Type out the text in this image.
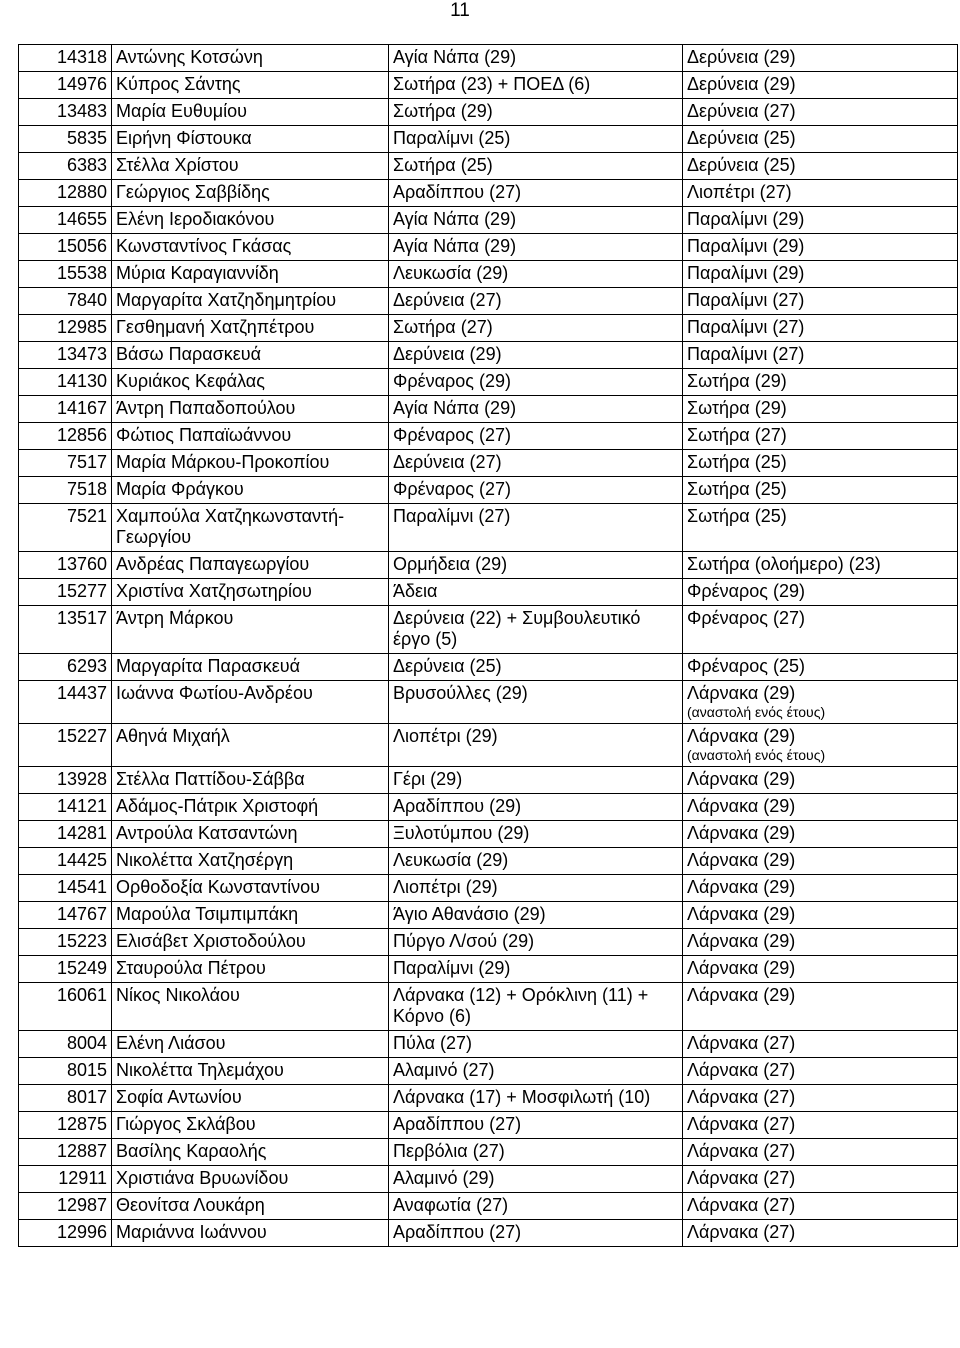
11
14318	Αντώνης Κοτσώνη	Αγία Νάπα (29)	Δερύνεια (29)
14976	Κύπρος Σάντης	Σωτήρα (23) + ΠΟΕΔ (6)	Δερύνεια (29)
13483	Μαρία Ευθυμίου	Σωτήρα (29)	Δερύνεια (27)
5835	Ειρήνη Φίστουκα	Παραλίμνι (25)	Δερύνεια (25)
6383	Στέλλα Χρίστου	Σωτήρα (25)	Δερύνεια (25)
12880	Γεώργιος Σαββίδης	Αραδίππου (27)	Λιοπέτρι (27)
14655	Ελένη Ιεροδιακόνου	Αγία Νάπα (29)	Παραλίμνι (29)
15056	Κωνσταντίνος Γκάσας	Αγία Νάπα (29)	Παραλίμνι (29)
15538	Μύρια Καραγιαννίδη	Λευκωσία (29)	Παραλίμνι (29)
7840	Μαργαρίτα Χατζηδημητρίου	Δερύνεια (27)	Παραλίμνι (27)
12985	Γεσθημανή Χατζηπέτρου	Σωτήρα (27)	Παραλίμνι (27)
13473	Βάσω Παρασκευά	Δερύνεια (29)	Παραλίμνι (27)
14130	Κυριάκος Κεφάλας	Φρέναρος (29)	Σωτήρα (29)
14167	Άντρη Παπαδοπούλου	Αγία Νάπα (29)	Σωτήρα (29)
12856	Φώτιος Παπαϊωάννου	Φρέναρος (27)	Σωτήρα (27)
7517	Μαρία Μάρκου-Προκοπίου	Δερύνεια (27)	Σωτήρα (25)
7518	Μαρία Φράγκου	Φρέναρος (27)	Σωτήρα (25)
7521	Χαμπούλα Χατζηκωνσταντή-Γεωργίου	Παραλίμνι (27)	Σωτήρα (25)
13760	Ανδρέας Παπαγεωργίου	Ορμήδεια (29)	Σωτήρα (ολοήμερο) (23)
15277	Χριστίνα Χατζησωτηρίου	Άδεια	Φρέναρος (29)
13517	Άντρη Μάρκου	Δερύνεια (22) + Συμβουλευτικό έργο (5)	Φρέναρος (27)
6293	Μαργαρίτα Παρασκευά	Δερύνεια (25)	Φρέναρος (25)
14437	Ιωάννα Φωτίου-Ανδρέου	Βρυσούλλες (29)	Λάρνακα (29)
(αναστολή ενός έτους)

15227	Αθηνά Μιχαήλ	Λιοπέτρι (29)	Λάρνακα (29)
(αναστολή ενός έτους)

13928	Στέλλα Παττίδου-Σάββα	Γέρι (29)	Λάρνακα (29)
14121	Αδάμος-Πάτρικ Χριστοφή	Αραδίππου (29)	Λάρνακα (29)
14281	Αντρούλα Κατσαντώνη	Ξυλοτύμπου (29)	Λάρνακα (29)
14425	Νικολέττα Χατζησέργη	Λευκωσία (29)	Λάρνακα (29)
14541	Ορθοδοξία Κωνσταντίνου	Λιοπέτρι (29)	Λάρνακα (29)
14767	Μαρούλα Τσιμπιμπάκη	Άγιο Αθανάσιο (29)	Λάρνακα (29)
15223	Ελισάβετ Χριστοδούλου	Πύργο Λ/σού (29)	Λάρνακα (29)
15249	Σταυρούλα Πέτρου	Παραλίμνι (29)	Λάρνακα (29)
16061	Νίκος Νικολάου	Λάρνακα (12) + Ορόκλινη (11) + Κόρνο (6)	Λάρνακα (29)
8004	Ελένη Λιάσου	Πύλα (27)	Λάρνακα (27)
8015	Νικολέττα Τηλεμάχου	Αλαμινό (27)	Λάρνακα (27)
8017	Σοφία Αντωνίου	Λάρνακα (17) + Μοσφιλωτή (10)	Λάρνακα (27)
12875	Γιώργος Σκλάβου	Αραδίππου (27)	Λάρνακα (27)
12887	Βασίλης Καραολής	Περβόλια (27)	Λάρνακα (27)
12911	Χριστιάνα Βρυωνίδου	Αλαμινό (29)	Λάρνακα (27)
12987	Θεονίτσα Λουκάρη	Αναφωτία (27)	Λάρνακα (27)
12996	Μαριάννα Ιωάννου	Αραδίππου (27)	Λάρνακα (27)
